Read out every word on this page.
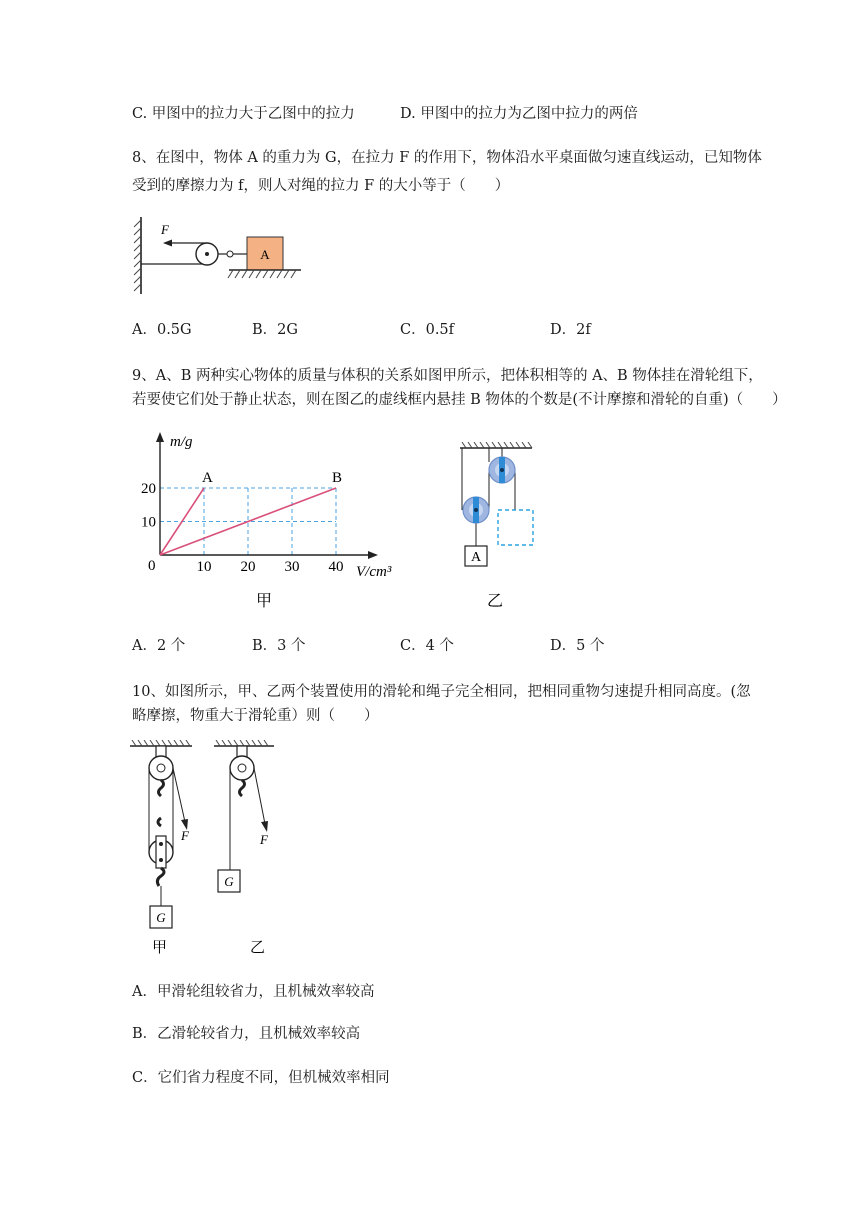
C. 甲图中的拉力大于乙图中的拉力	D. 甲图中的拉力为乙图中拉力的两倍
8、在图中，物体 A 的重力为 G，在拉力 F 的作用下，物体沿水平桌面做匀速直线运动，已知物体
受到的摩擦力为 f，则人对绳的拉力 F 的大小等于（　　）
F
A
A．0.5G	B．2G	C．0.5f	D．2f
9、A、B 两种实心物体的质量与体积的关系如图甲所示，把体积相等的 A、B 物体挂在滑轮组下，
若要使它们处于静止状态，则在图乙的虚线框内悬挂 B 物体的个数是(不计摩擦和滑轮的自重)（　　）
10 20 30 40
10
20
m/g
V/cm³
0
A	B
甲
A
乙
A．2 个	B．3 个	C．4 个	D．5 个
10、如图所示，甲、乙两个装置使用的滑轮和绳子完全相同，把相同重物匀速提升相同高度。(忽
略摩擦，物重大于滑轮重）则（　　）
F	F
G
G
甲	乙
A．甲滑轮组较省力，且机械效率较高
B．乙滑轮较省力，且机械效率较高
C．它们省力程度不同，但机械效率相同
